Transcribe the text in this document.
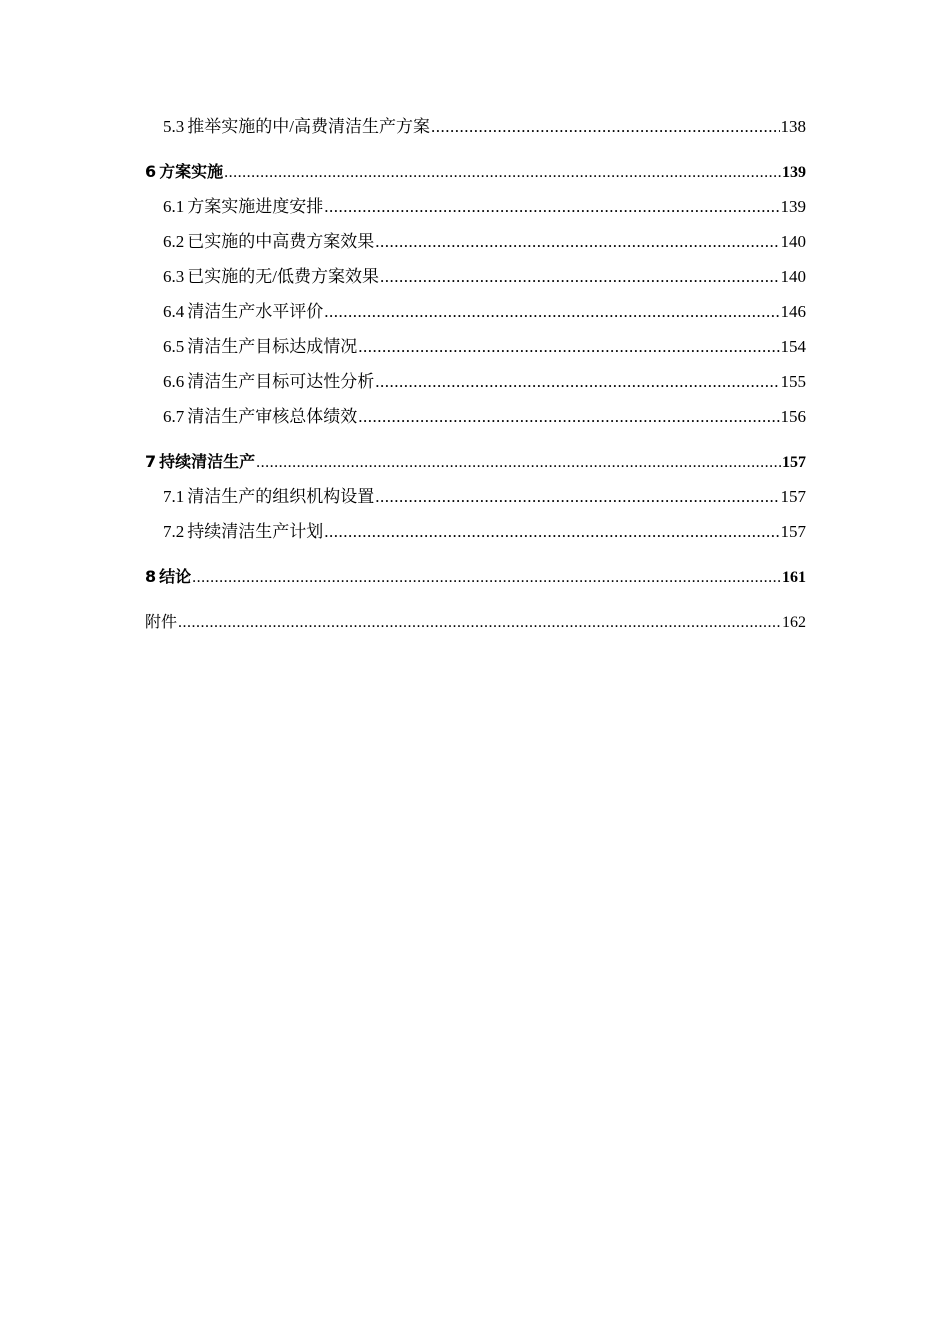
5.3 推举实施的中/高费清洁生产方案 .....	138
6 方案实施 .....	139
6.1 方案实施进度安排 .....	139
6.2 已实施的中高费方案效果 .....	140
6.3 已实施的无/低费方案效果 .....	140
6.4 清洁生产水平评价 .....	146
6.5 清洁生产目标达成情况 .....	154
6.6 清洁生产目标可达性分析 .....	155
6.7 清洁生产审核总体绩效 .....	156
7 持续清洁生产 .....	157
7.1 清洁生产的组织机构设置 .....	157
7.2 持续清洁生产计划 .....	157
8 结论 .....	161
附件 .....	162
